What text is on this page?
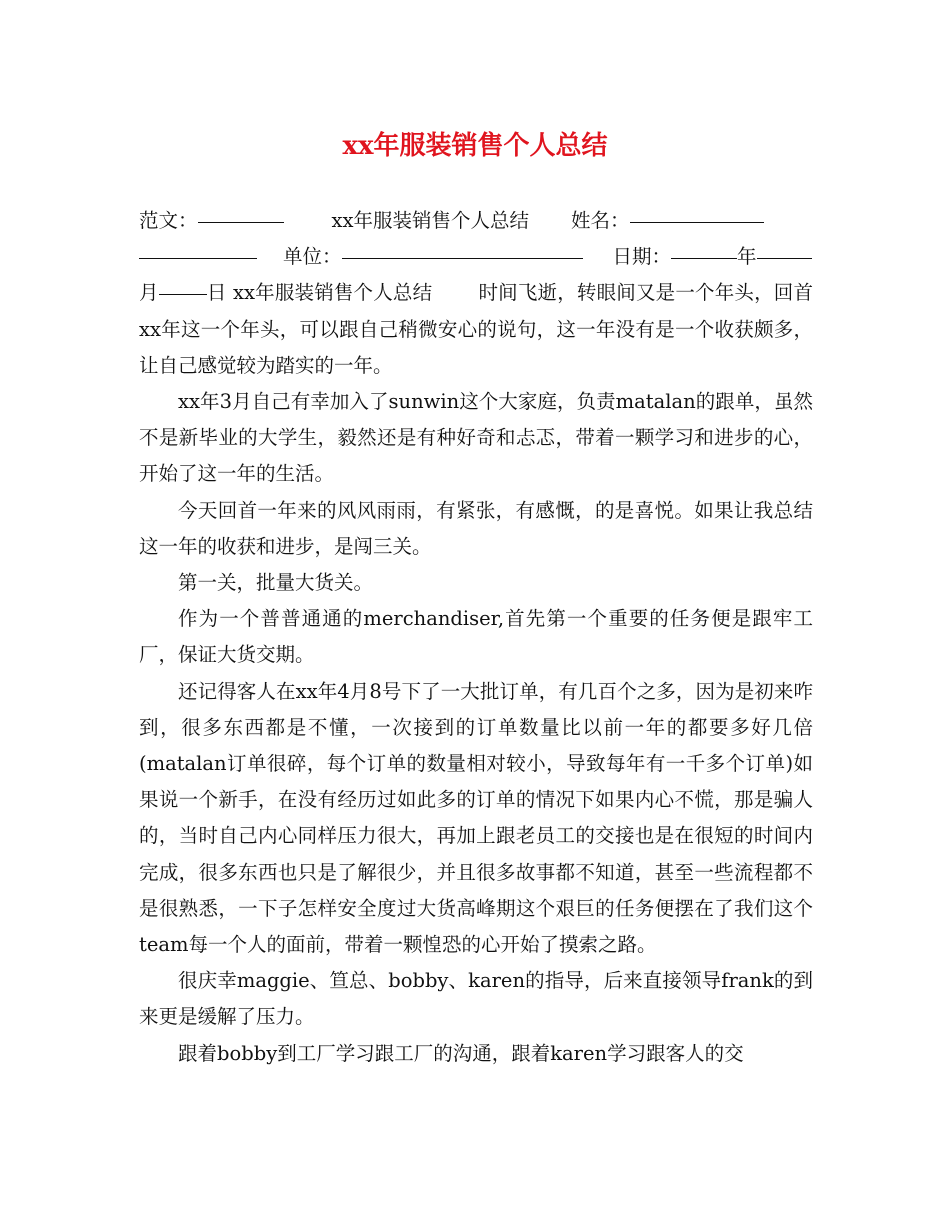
xx年服装销售个人总结

范文：	xx年服装销售个人总结 姓名：
单位：	日期：	年
月 日 xx年服装销售个人总结 时间飞逝，转眼间又是一个年头，回首xx年这一个年头，可以跟自己稍微安心的说句，这一年没有是一个收获颇多，让自己感觉较为踏实的一年。

xx年3月自己有幸加入了sunwin这个大家庭，负责matalan的跟单，虽然不是新毕业的大学生，毅然还是有种好奇和忐忑，带着一颗学习和进步的心，开始了这一年的生活。

今天回首一年来的风风雨雨，有紧张，有感慨，的是喜悦。如果让我总结这一年的收获和进步，是闯三关。

第一关，批量大货关。

作为一个普普通通的merchandiser,首先第一个重要的任务便是跟牢工厂，保证大货交期。

还记得客人在xx年4月8号下了一大批订单，有几百个之多，因为是初来咋到，很多东西都是不懂，一次接到的订单数量比以前一年的都要多好几倍(matalan订单很碎，每个订单的数量相对较小，导致每年有一千多个订单)如果说一个新手，在没有经历过如此多的订单的情况下如果内心不慌，那是骗人的，当时自己内心同样压力很大，再加上跟老员工的交接也是在很短的时间内完成，很多东西也只是了解很少，并且很多故事都不知道，甚至一些流程都不是很熟悉，一下子怎样安全度过大货高峰期这个艰巨的任务便摆在了我们这个team每一个人的面前，带着一颗惶恐的心开始了摸索之路。

很庆幸maggie、笪总、bobby、karen的指导，后来直接领导frank的到来更是缓解了压力。

跟着bobby到工厂学习跟工厂的沟通，跟着karen学习跟客人的交
